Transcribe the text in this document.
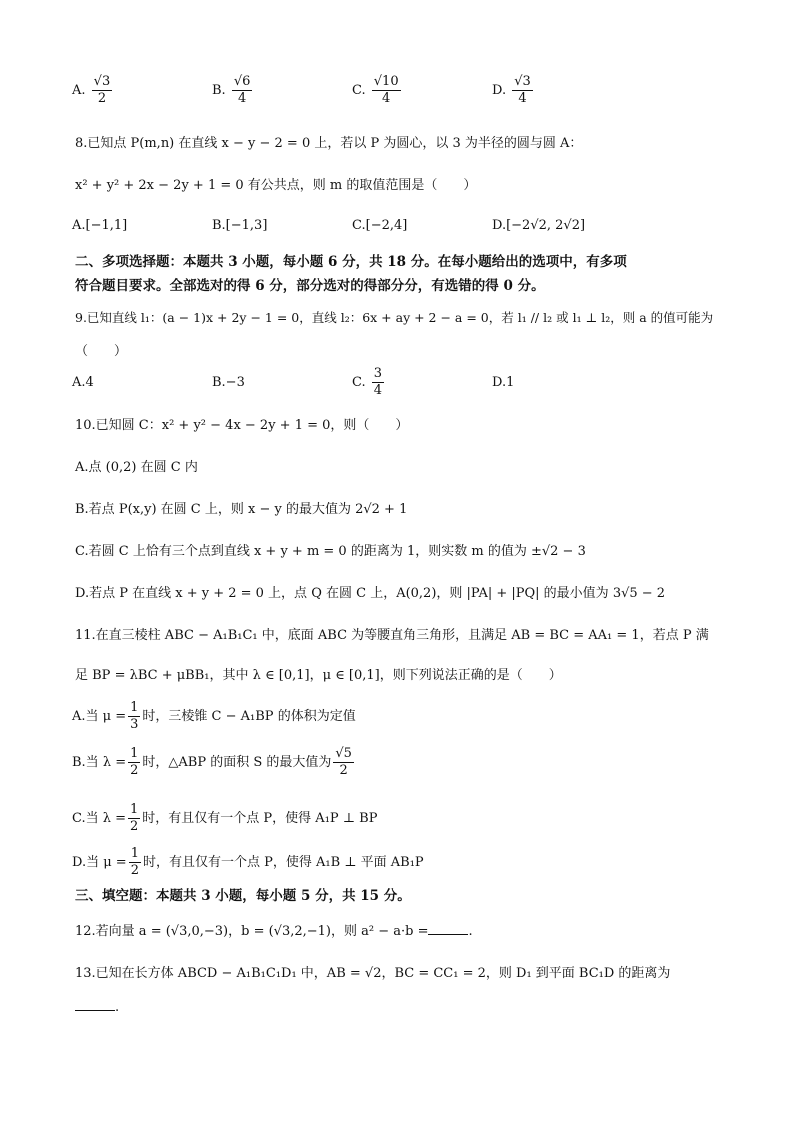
A. $\frac{√3}{2}$	B. $\frac{√6}{4}$	C. $\frac{√10}{4}$	D. $\frac{√3}{4}$
8.已知点 P(m,n) 在直线 x − y − 2 = 0 上，若以 P 为圆心，以 3 为半径的圆与圆 A：
x² + y² + 2x − 2y + 1 = 0 有公共点，则 m 的取值范围是（　　）
A.[−1,1]	B.[−1,3]	C.[−2,4]	D.[−2√2, 2√2]
二、多项选择题：本题共 3 小题，每小题 6 分，共 18 分。在每小题给出的选项中，有多项
符合题目要求。全部选对的得 6 分，部分选对的得部分分，有选错的得 0 分。
9.已知直线 l₁：(a − 1)x + 2y − 1 = 0，直线 l₂：6x + ay + 2 − a = 0，若 l₁ // l₂ 或 l₁ ⊥ l₂，则 a 的值可能为
（　　）
A.4	B.−3	C. $\frac{3}{4}$	D.1
10.已知圆 C：x² + y² − 4x − 2y + 1 = 0，则（　　）
A.点 (0,2) 在圆 C 内
B.若点 P(x,y) 在圆 C 上，则 x − y 的最大值为 2√2 + 1
C.若圆 C 上恰有三个点到直线 x + y + m = 0 的距离为 1，则实数 m 的值为 ±√2 − 3
D.若点 P 在直线 x + y + 2 = 0 上，点 Q 在圆 C 上，A(0,2)，则 |PA| + |PQ| 的最小值为 3√5 − 2
11.在直三棱柱 ABC − A₁B₁C₁ 中，底面 ABC 为等腰直角三角形，且满足 AB = BC = AA₁ = 1，若点 P 满
足 BP = λBC + μBB₁，其中 λ ∈ [0,1]，μ ∈ [0,1]，则下列说法正确的是（　　）
A.当 $\mu = \frac{1}{3}$ 时，三棱锥 C − A₁BP 的体积为定值
B.当 $\lambda = \frac{1}{2}$ 时，△ABP 的面积 S 的最大值为 $\frac{√5}{2}$
C.当 $\lambda = \frac{1}{2}$ 时，有且仅有一个点 P，使得 A₁P ⊥ BP
D.当 $\mu = \frac{1}{2}$ 时，有且仅有一个点 P，使得 A₁B ⊥ 平面 AB₁P
三、填空题：本题共 3 小题，每小题 5 分，共 15 分。
12.若向量 a = (√3,0,−3)，b = (√3,2,−1)，则 a² − a·b =	.
13.已知在长方体 ABCD − A₁B₁C₁D₁ 中，AB = √2，BC = CC₁ = 2，则 D₁ 到平面 BC₁D 的距离为
.
